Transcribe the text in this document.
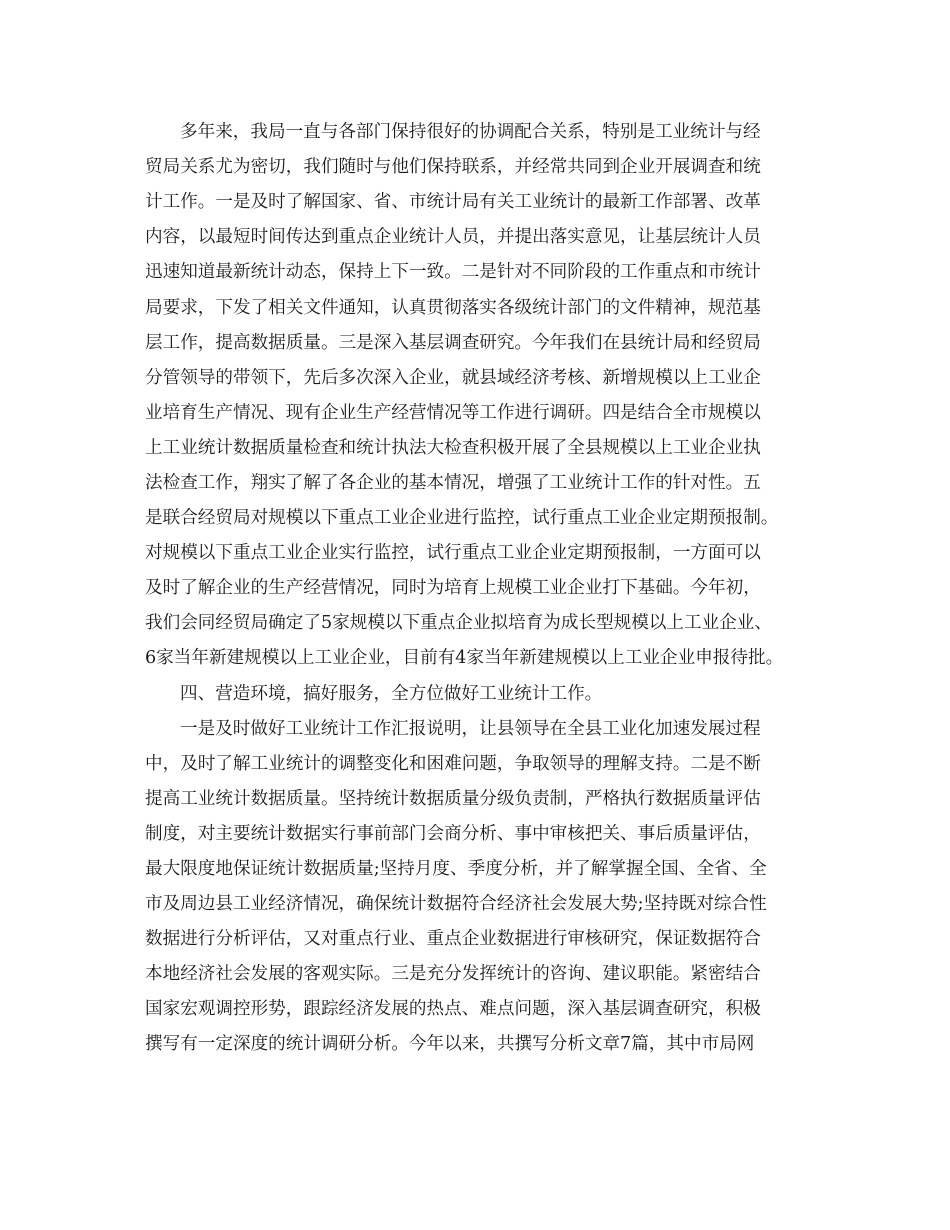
多年来，我局一直与各部门保持很好的协调配合关系，特别是工业统计与经

贸局关系尤为密切，我们随时与他们保持联系，并经常共同到企业开展调查和统

计工作。一是及时了解国家、省、市统计局有关工业统计的最新工作部署、改革

内容，以最短时间传达到重点企业统计人员，并提出落实意见，让基层统计人员

迅速知道最新统计动态，保持上下一致。二是针对不同阶段的工作重点和市统计

局要求，下发了相关文件通知，认真贯彻落实各级统计部门的文件精神，规范基

层工作，提高数据质量。三是深入基层调查研究。今年我们在县统计局和经贸局

分管领导的带领下，先后多次深入企业，就县域经济考核、新增规模以上工业企

业培育生产情况、现有企业生产经营情况等工作进行调研。四是结合全市规模以

上工业统计数据质量检查和统计执法大检查积极开展了全县规模以上工业企业执

法检查工作，翔实了解了各企业的基本情况，增强了工业统计工作的针对性。五

是联合经贸局对规模以下重点工业企业进行监控，试行重点工业企业定期预报制。

对规模以下重点工业企业实行监控，试行重点工业企业定期预报制，一方面可以

及时了解企业的生产经营情况，同时为培育上规模工业企业打下基础。今年初，

我们会同经贸局确定了5家规模以下重点企业拟培育为成长型规模以上工业企业、

6家当年新建规模以上工业企业，目前有4家当年新建规模以上工业企业申报待批。

四、营造环境，搞好服务，全方位做好工业统计工作。

一是及时做好工业统计工作汇报说明，让县领导在全县工业化加速发展过程

中，及时了解工业统计的调整变化和困难问题，争取领导的理解支持。二是不断

提高工业统计数据质量。坚持统计数据质量分级负责制，严格执行数据质量评估

制度，对主要统计数据实行事前部门会商分析、事中审核把关、事后质量评估，

最大限度地保证统计数据质量;坚持月度、季度分析，并了解掌握全国、全省、全

市及周边县工业经济情况，确保统计数据符合经济社会发展大势;坚持既对综合性

数据进行分析评估，又对重点行业、重点企业数据进行审核研究，保证数据符合

本地经济社会发展的客观实际。三是充分发挥统计的咨询、建议职能。紧密结合

国家宏观调控形势，跟踪经济发展的热点、难点问题，深入基层调查研究，积极

撰写有一定深度的统计调研分析。今年以来，共撰写分析文章7篇，其中市局网
